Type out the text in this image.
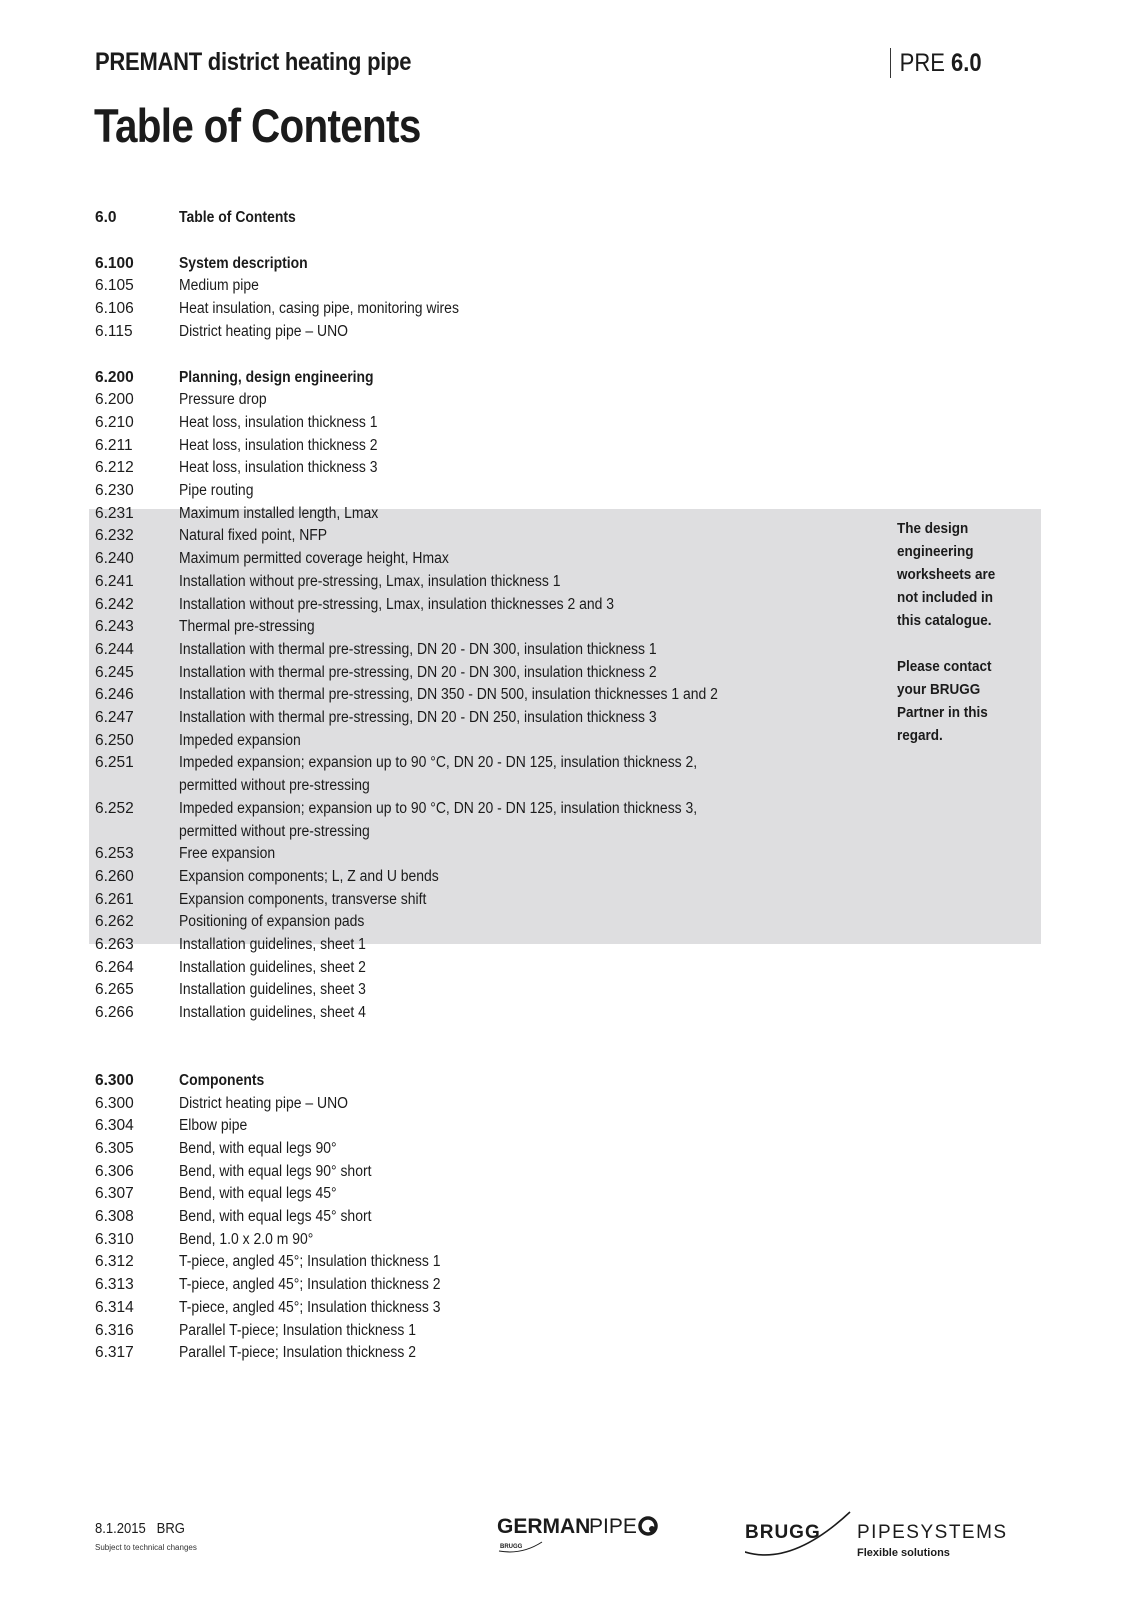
PREMANT district heating pipe	PRE 6.0
Table of Contents
6.0	Table of Contents
6.100	System description
6.105	Medium pipe
6.106	Heat insulation, casing pipe, monitoring wires
6.115	District heating pipe – UNO
6.200	Planning, design engineering
6.200	Pressure drop
6.210	Heat loss, insulation thickness 1
6.211	Heat loss, insulation thickness 2
6.212	Heat loss, insulation thickness 3
6.230	Pipe routing
6.231	Maximum installed length, Lmax
6.232	Natural fixed point, NFP
6.240	Maximum permitted coverage height, Hmax
6.241	Installation without pre-stressing, Lmax, insulation thickness 1
6.242	Installation without pre-stressing, Lmax, insulation thicknesses 2 and 3
6.243	Thermal pre-stressing
6.244	Installation with thermal pre-stressing, DN 20 - DN 300, insulation thickness 1
6.245	Installation with thermal pre-stressing, DN 20 - DN 300, insulation thickness 2
6.246	Installation with thermal pre-stressing, DN 350 - DN 500, insulation thicknesses 1 and 2
6.247	Installation with thermal pre-stressing, DN 20 - DN 250, insulation thickness 3
6.250	Impeded expansion
6.251	Impeded expansion; expansion up to 90 °C, DN 20 - DN 125, insulation thickness 2,
permitted without pre-stressing
6.252	Impeded expansion; expansion up to 90 °C, DN 20 - DN 125, insulation thickness 3,
permitted without pre-stressing
6.253	Free expansion
6.260	Expansion components; L, Z and U bends
6.261	Expansion components, transverse shift
6.262	Positioning of expansion pads
6.263	Installation guidelines, sheet 1
6.264	Installation guidelines, sheet 2
6.265	Installation guidelines, sheet 3
6.266	Installation guidelines, sheet 4
6.300	Components
6.300	District heating pipe – UNO
6.304	Elbow pipe
6.305	Bend, with equal legs 90°
6.306	Bend, with equal legs 90° short
6.307	Bend, with equal legs 45°
6.308	Bend, with equal legs 45° short
6.310	Bend, 1.0 x 2.0 m 90°
6.312	T-piece, angled 45°; Insulation thickness 1
6.313	T-piece, angled 45°; Insulation thickness 2
6.314	T-piece, angled 45°; Insulation thickness 3
6.316	Parallel T-piece; Insulation thickness 1
6.317	Parallel T-piece; Insulation thickness 2

The design engineering worksheets are not included in this catalogue.

Please contact your BRUGG Partner in this regard.

8.1.2015   BRG
Subject to technical changes
GERMAN
PIPE
BRUGG
BRUGG PIPESYSTEMS
Flexible solutions
